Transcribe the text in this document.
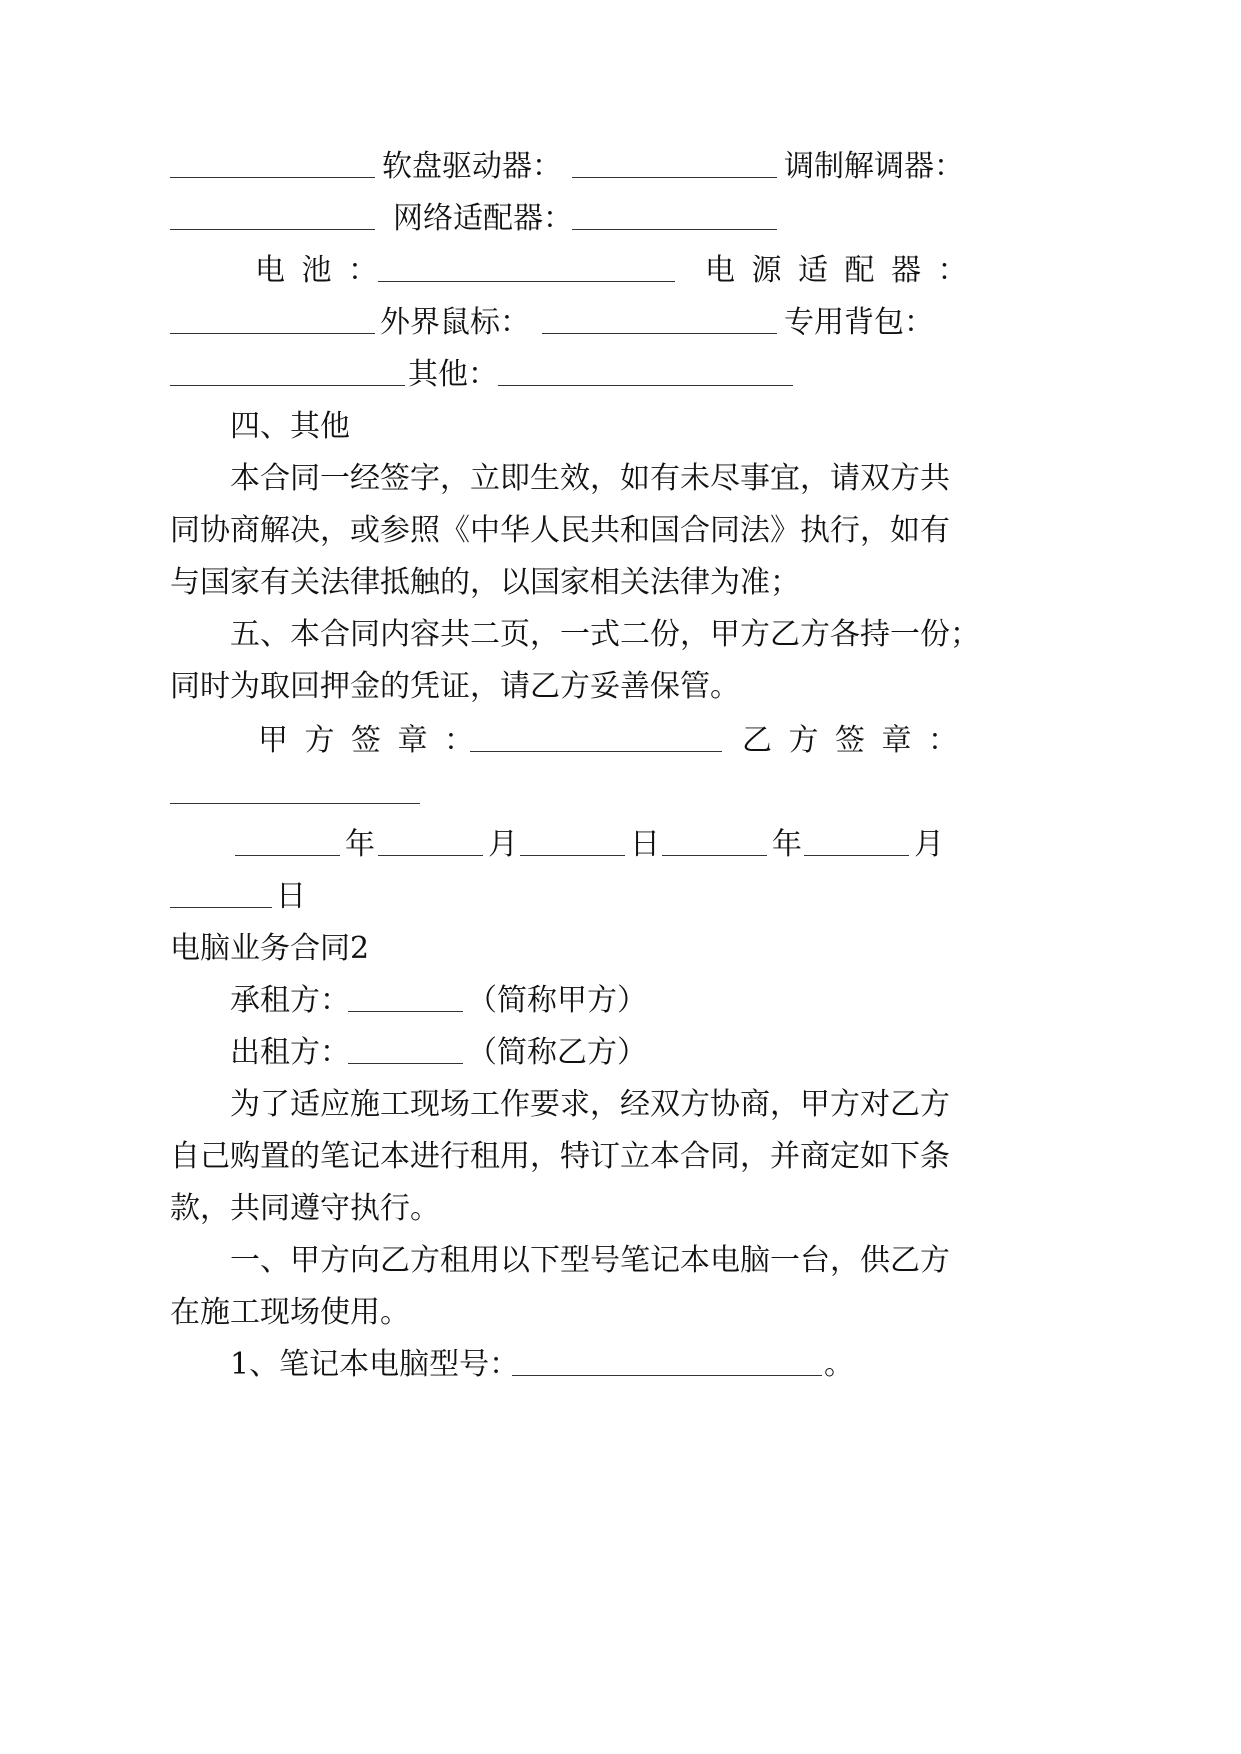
软盘驱动器：	调制解调器：
网络适配器：
电池：	电源适配器：
外界鼠标：	专用背包：
其他：
四、其他
本合同一经签字，立即生效，如有未尽事宜，请双方共
同协商解决，或参照《中华人民共和国合同法》执行，如有
与国家有关法律抵触的，以国家相关法律为准；
五、本合同内容共二页，一式二份，甲方乙方各持一份；
同时为取回押金的凭证，请乙方妥善保管。
甲方签章：	乙方签章：
年	月	日	年	月
日
电脑业务合同2
承租方：	（简称甲方）
出租方：	（简称乙方）
为了适应施工现场工作要求，经双方协商，甲方对乙方
自己购置的笔记本进行租用，特订立本合同，并商定如下条
款，共同遵守执行。
一、甲方向乙方租用以下型号笔记本电脑一台，供乙方
在施工现场使用。
1、笔记本电脑型号：	。
